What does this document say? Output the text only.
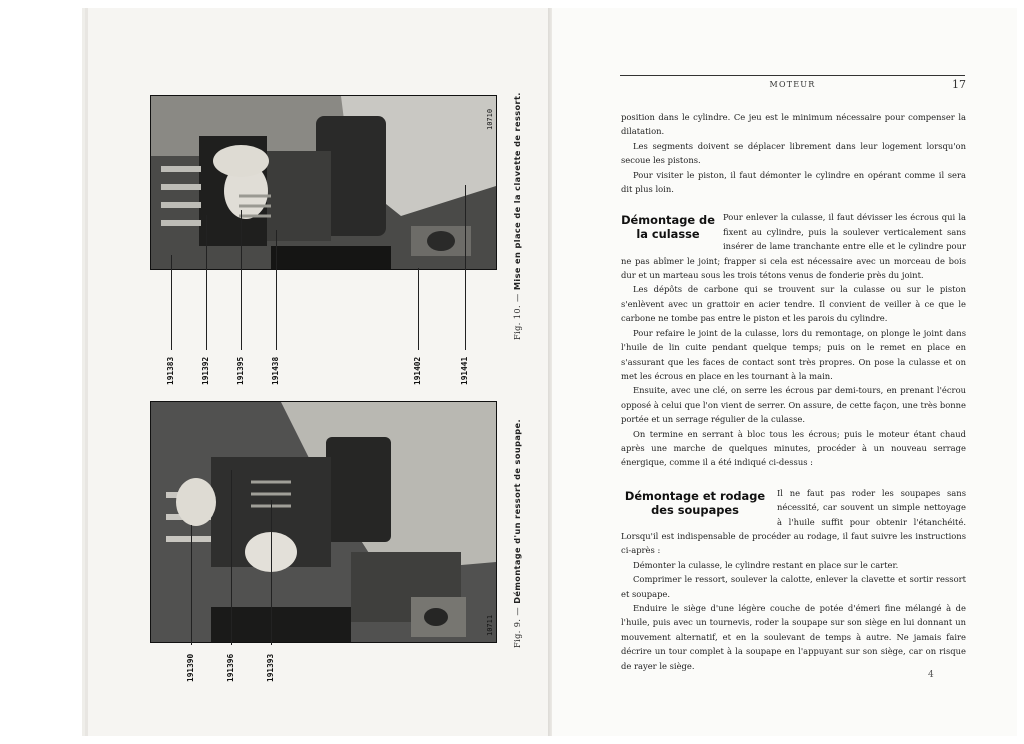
10710
10711
Fig. 10. — Mise en place de la clavette de ressort.
Fig. 9. — Démontage d'un ressort de soupape.
191383	191392	191395	191438	191402	191441
191390	191396	191393
MOTEUR	17

position dans le cylindre. Ce jeu est le minimum nécessaire pour compenser la dilatation.

Les segments doivent se déplacer librement dans leur logement lorsqu'on secoue les pistons.

Pour visiter le piston, il faut démonter le cylindre en opérant comme il sera dit plus loin.

Démontage de
la culasse

Pour enlever la culasse, il faut dévisser les écrous qui la fixent au cylindre, puis la soulever verticalement sans insérer de lame tranchante entre elle et le cylindre pour ne pas abîmer le joint; frapper si cela est nécessaire avec un morceau de bois dur et un marteau sous les trois tétons venus de fonderie près du joint.

Les dépôts de carbone qui se trouvent sur la culasse ou sur le piston s'enlèvent avec un grattoir en acier tendre. Il convient de veiller à ce que le carbone ne tombe pas entre le piston et les parois du cylindre.

Pour refaire le joint de la culasse, lors du remontage, on plonge le joint dans l'huile de lin cuite pendant quelque temps; puis on le remet en place en s'assurant que les faces de contact sont très propres. On pose la culasse et on met les écrous en place en les tournant à la main.

Ensuite, avec une clé, on serre les écrous par demi-tours, en prenant l'écrou opposé à celui que l'on vient de serrer. On assure, de cette façon, une très bonne portée et un serrage régulier de la culasse.

On termine en serrant à bloc tous les écrous; puis le moteur étant chaud après une marche de quelques minutes, procéder à un nouveau serrage énergique, comme il a été indiqué ci-dessus :

Démontage et rodage
des soupapes

Il ne faut pas roder les soupapes sans nécessité, car souvent un simple nettoyage à l'huile suffit pour obtenir l'étanchéité. Lorsqu'il est indispensable de procéder au rodage, il faut suivre les instructions ci-après :

Démonter la culasse, le cylindre restant en place sur le carter.

Comprimer le ressort, soulever la calotte, enlever la clavette et sortir ressort et soupape.

Enduire le siège d'une légère couche de potée d'émeri fine mélangé à de l'huile, puis avec un tournevis, roder la soupape sur son siège en lui donnant un mouvement alternatif, et en la soulevant de temps à autre. Ne jamais faire décrire un tour complet à la soupape en l'appuyant sur son siège, car on risque de rayer le siège.

4
